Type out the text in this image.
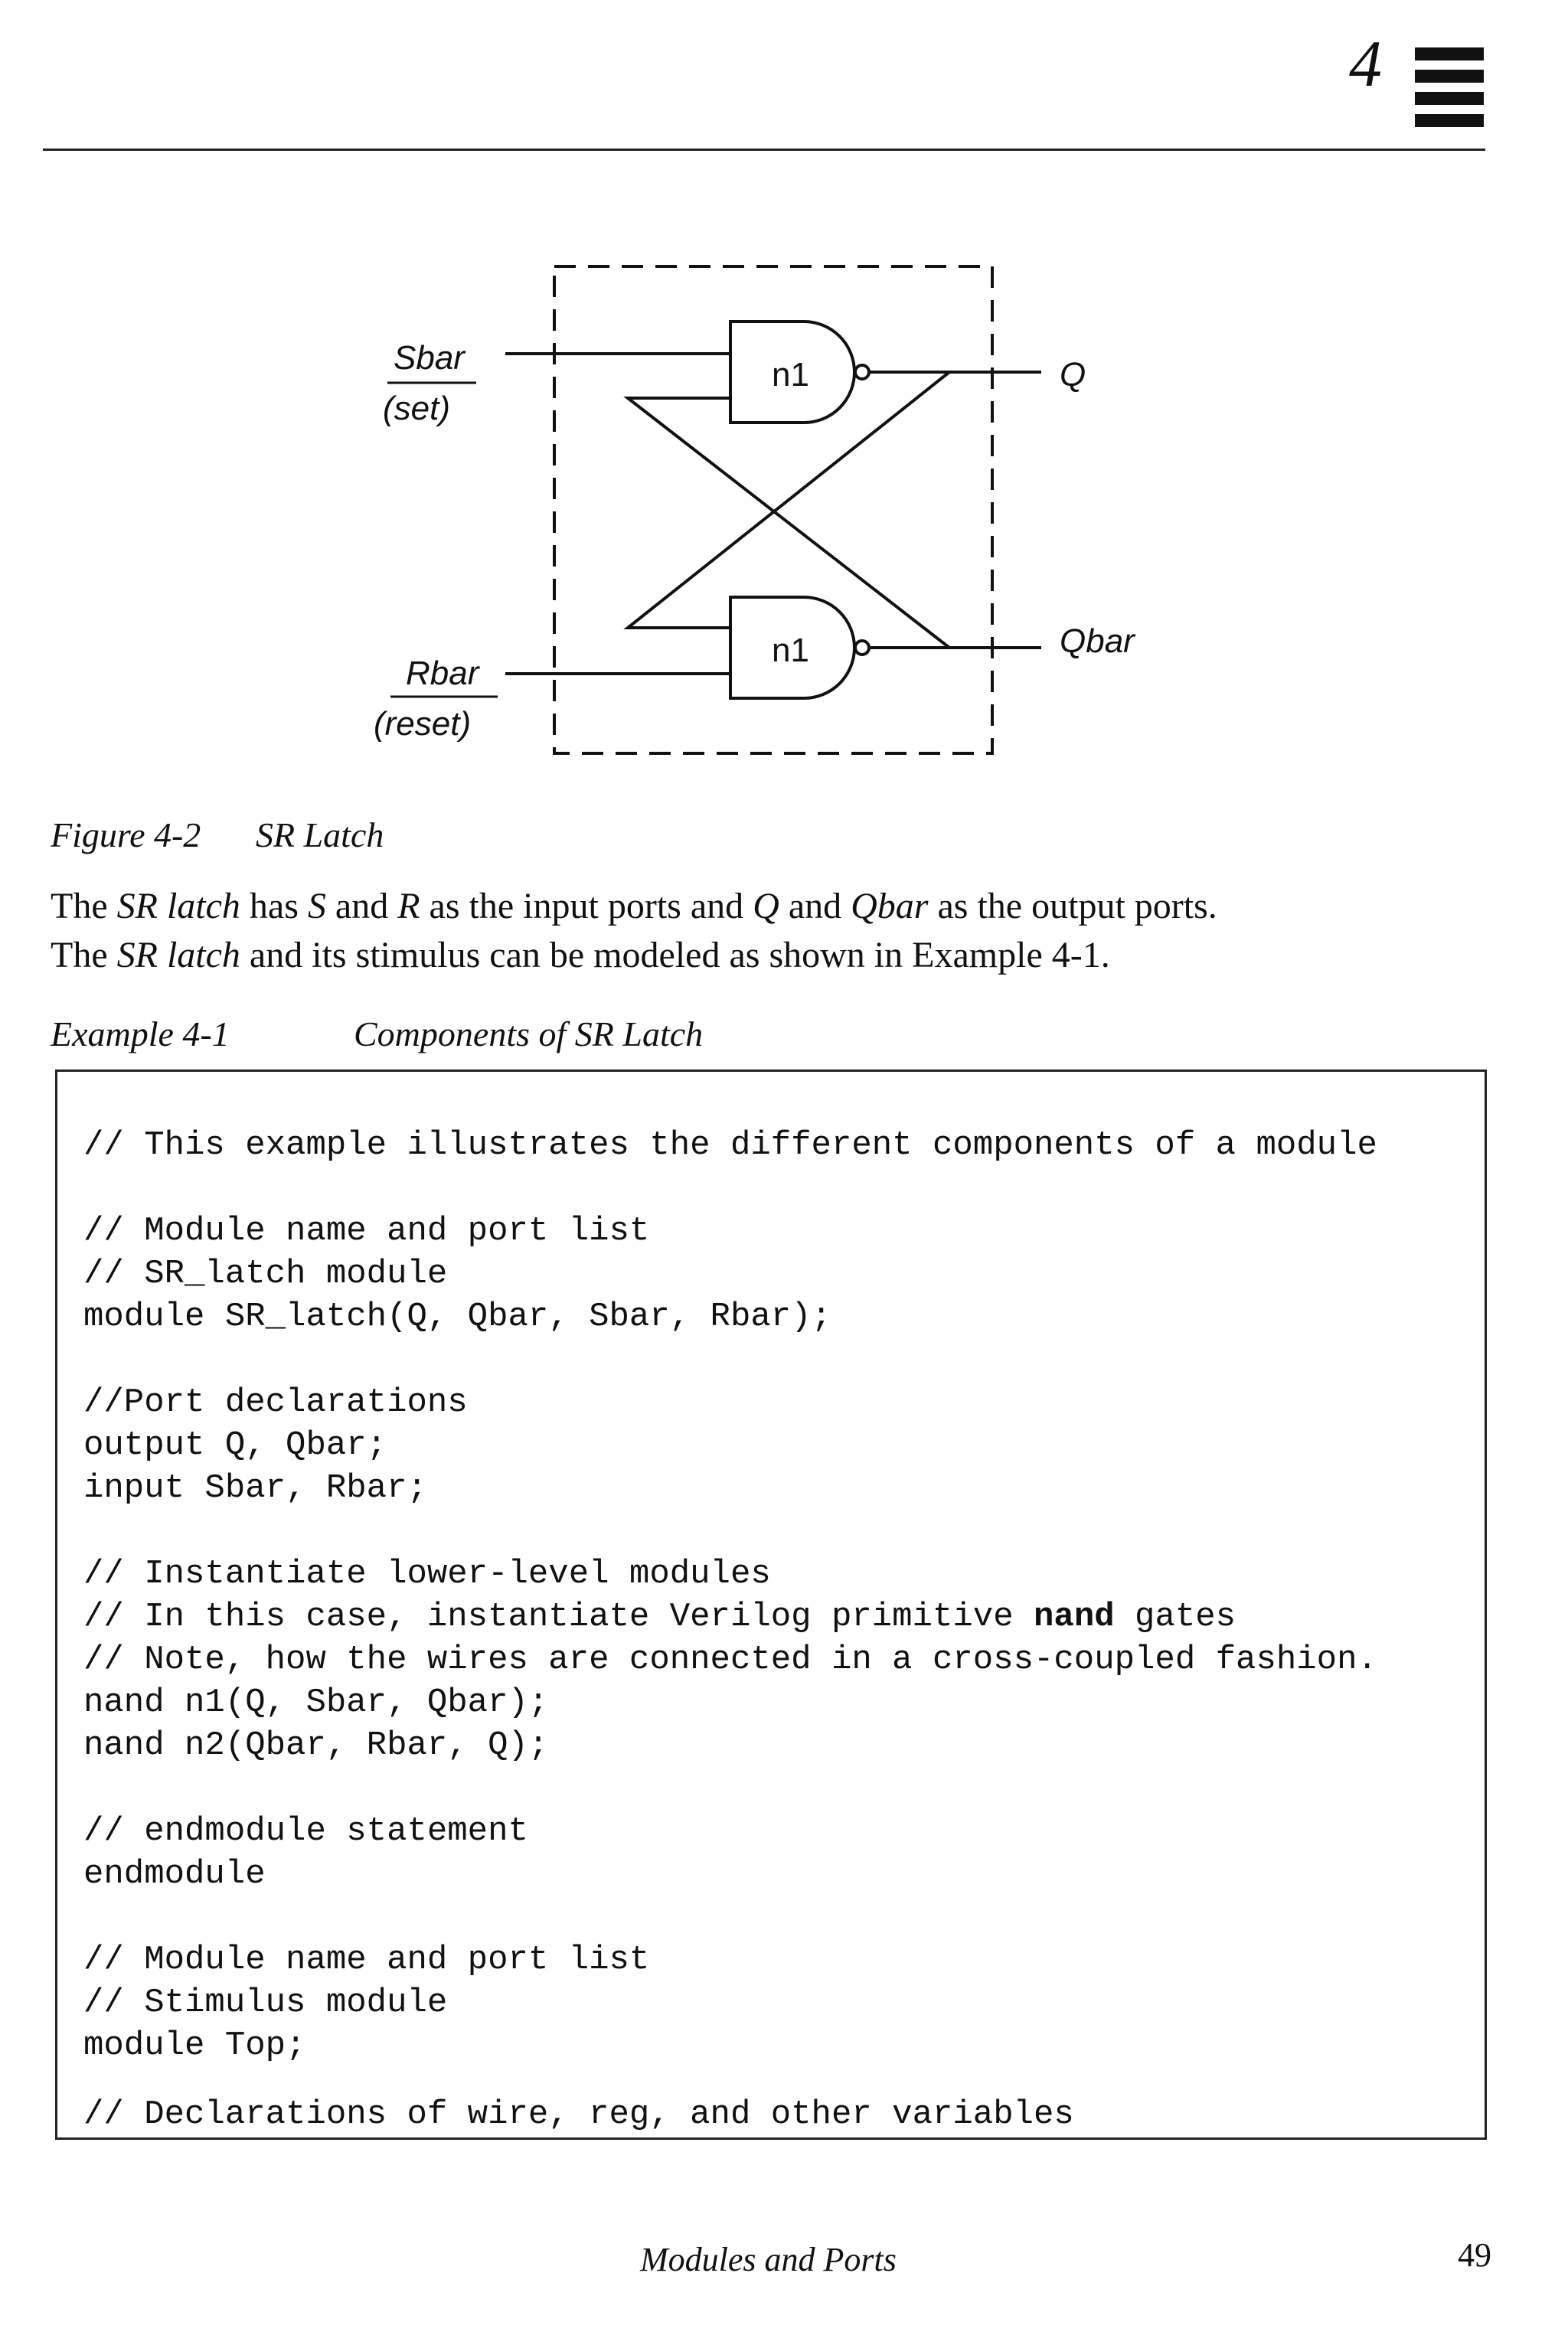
4
Sbar
(set)
Rbar
(reset)
n1
n1
Q
Qbar
Figure 4-2 SR Latch
The SR latch has S and R as the input ports and Q and Qbar as the output ports.
The SR latch and its stimulus can be modeled as shown in Example 4-1.
Example 4-1	Components of SR Latch
// This example illustrates the different components of a module
// Module name and port list
// SR_latch module
module SR_latch(Q, Qbar, Sbar, Rbar);
//Port declarations
output Q, Qbar;
input Sbar, Rbar;
// Instantiate lower-level modules
// In this case, instantiate Verilog primitive nand gates
// Note, how the wires are connected in a cross-coupled fashion.
nand n1(Q, Sbar, Qbar);
nand n2(Qbar, Rbar, Q);
// endmodule statement
endmodule
// Module name and port list
// Stimulus module
module Top;
// Declarations of wire, reg, and other variables
Modules and Ports	49
